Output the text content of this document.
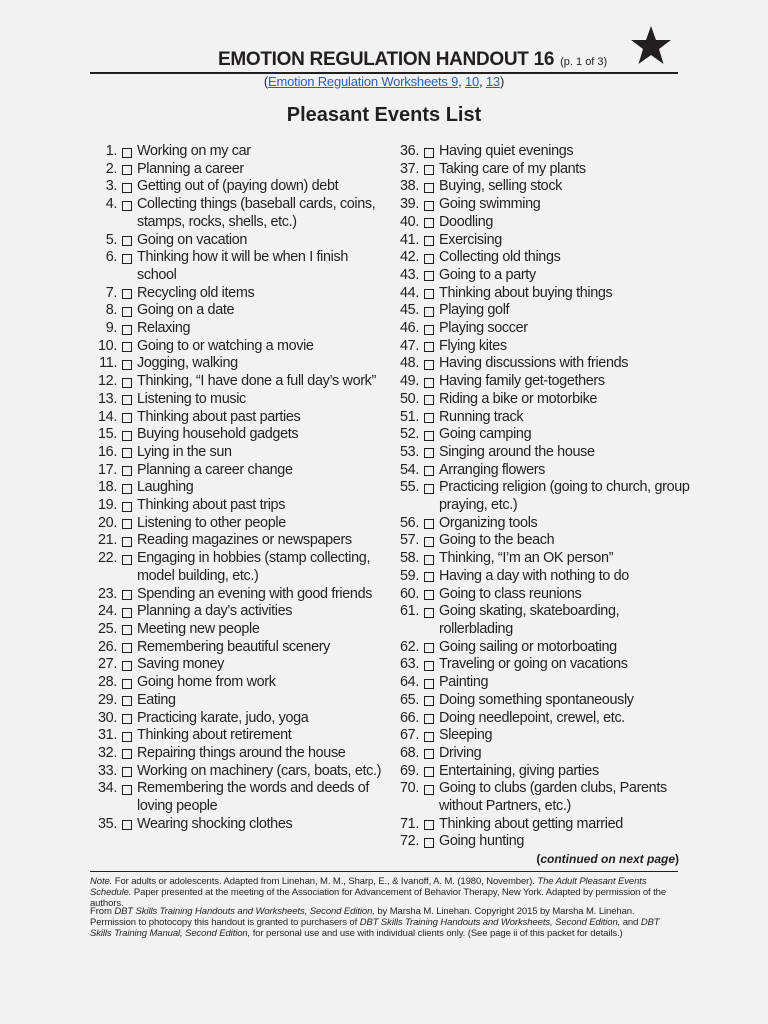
EMOTION REGULATION HANDOUT 16 (p. 1 of 3)
(Emotion Regulation Worksheets 9, 10, 13)
Pleasant Events List
1. Working on my car
2. Planning a career
3. Getting out of (paying down) debt
4. Collecting things (baseball cards, coins, stamps, rocks, shells, etc.)
5. Going on vacation
6. Thinking how it will be when I finish school
7. Recycling old items
8. Going on a date
9. Relaxing
10. Going to or watching a movie
11. Jogging, walking
12. Thinking, “I have done a full day’s work”
13. Listening to music
14. Thinking about past parties
15. Buying household gadgets
16. Lying in the sun
17. Planning a career change
18. Laughing
19. Thinking about past trips
20. Listening to other people
21. Reading magazines or newspapers
22. Engaging in hobbies (stamp collecting, model building, etc.)
23. Spending an evening with good friends
24. Planning a day’s activities
25. Meeting new people
26. Remembering beautiful scenery
27. Saving money
28. Going home from work
29. Eating
30. Practicing karate, judo, yoga
31. Thinking about retirement
32. Repairing things around the house
33. Working on machinery (cars, boats, etc.)
34. Remembering the words and deeds of loving people
35. Wearing shocking clothes
36. Having quiet evenings
37. Taking care of my plants
38. Buying, selling stock
39. Going swimming
40. Doodling
41. Exercising
42. Collecting old things
43. Going to a party
44. Thinking about buying things
45. Playing golf
46. Playing soccer
47. Flying kites
48. Having discussions with friends
49. Having family get-togethers
50. Riding a bike or motorbike
51. Running track
52. Going camping
53. Singing around the house
54. Arranging flowers
55. Practicing religion (going to church, group praying, etc.)
56. Organizing tools
57. Going to the beach
58. Thinking, “I’m an OK person”
59. Having a day with nothing to do
60. Going to class reunions
61. Going skating, skateboarding, rollerblading
62. Going sailing or motorboating
63. Traveling or going on vacations
64. Painting
65. Doing something spontaneously
66. Doing needlepoint, crewel, etc.
67. Sleeping
68. Driving
69. Entertaining, giving parties
70. Going to clubs (garden clubs, Parents without Partners, etc.)
71. Thinking about getting married
72. Going hunting
(continued on next page)
Note. For adults or adolescents. Adapted from Linehan, M. M., Sharp, E., & Ivanoff, A. M. (1980, November). The Adult Pleasant Events Schedule. Paper presented at the meeting of the Association for Advancement of Behavior Therapy, New York. Adapted by permission of the authors.
From DBT Skills Training Handouts and Worksheets, Second Edition, by Marsha M. Linehan. Copyright 2015 by Marsha M. Linehan. Permission to photocopy this handout is granted to purchasers of DBT Skills Training Handouts and Worksheets, Second Edition, and DBT Skills Training Manual, Second Edition, for personal use and use with individual clients only. (See page ii of this packet for details.)
